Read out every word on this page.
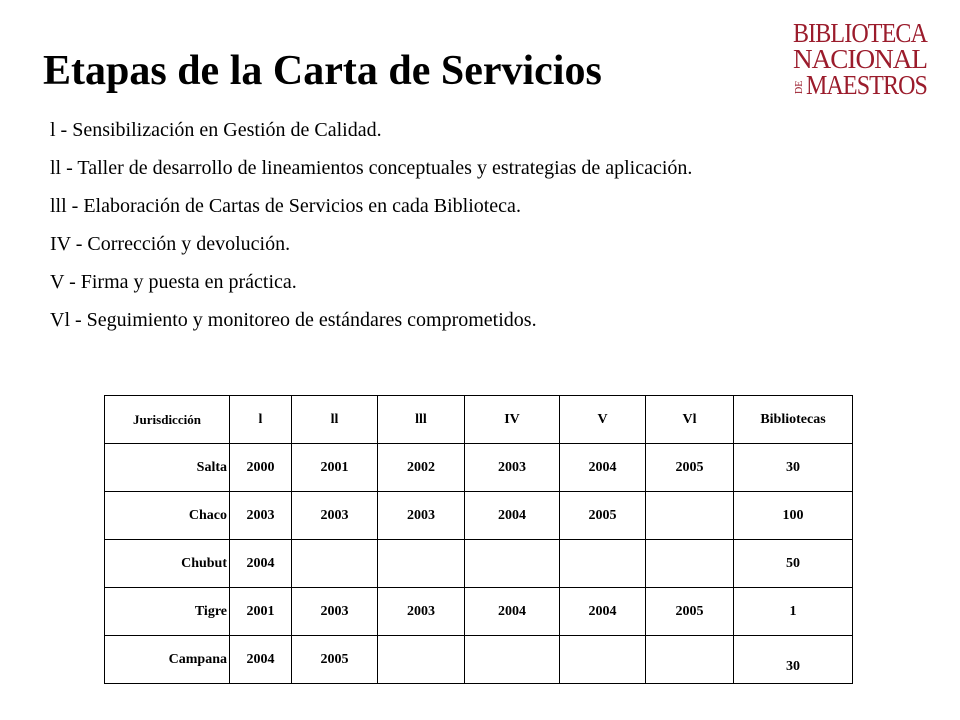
Etapas de la Carta de Servicios
BIBLIOTECA
NACIONAL
MAESTROS
DE
l - Sensibilización en Gestión de Calidad.
ll - Taller de desarrollo de lineamientos conceptuales y estrategias de aplicación.
lll - Elaboración de Cartas de Servicios en cada Biblioteca.
IV - Corrección y devolución.
V - Firma y puesta en práctica.
Vl - Seguimiento y monitoreo de estándares comprometidos.
Jurisdicción	l	ll	lll	IV	V	Vl	Bibliotecas
Salta	2000	2001	2002	2003	2004	2005	30
Chaco	2003	2003	2003	2004	2005		100
Chubut	2004						50
Tigre	2001	2003	2003	2004	2004	2005	1
Campana	2004	2005					30
